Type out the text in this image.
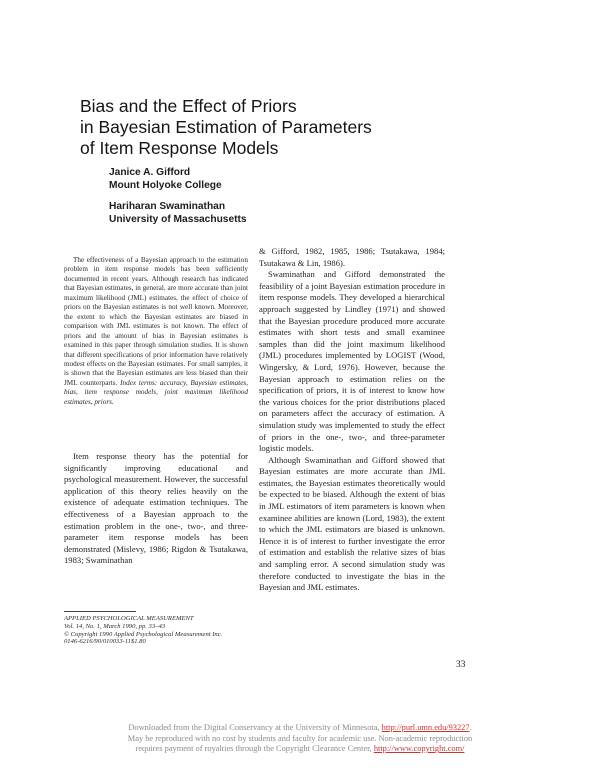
Bias and the Effect of Priors
in Bayesian Estimation of Parameters
of Item Response Models
Janice A. Gifford
Mount Holyoke College
Hariharan Swaminathan
University of Massachusetts
The effectiveness of a Bayesian approach to the estimation problem in item response models has been sufficiently documented in recent years. Although research has indicated that Bayesian estimates, in general, are more accurate than joint maximum likelihood (JML) estimates, the effect of choice of priors on the Bayesian estimates is not well known. Moreover, the extent to which the Bayesian estimates are biased in comparison with JML estimates is not known. The effect of priors and the amount of bias in Bayesian estimates is examined in this paper through simulation studies. It is shown that different specifications of prior information have relatively modest effects on the Bayesian estimates. For small samples, it is shown that the Bayesian estimates are less biased than their JML counterparts. Index terms: accuracy, Bayesian estimates, bias, item response models, joint maximum likelihood estimates, priors.
Item response theory has the potential for significantly improving educational and psychological measurement. However, the successful application of this theory relies heavily on the existence of adequate estimation techniques. The effectiveness of a Bayesian approach to the estimation problem in the one-, two-, and three-parameter item response models has been demonstrated (Mislevy, 1986; Rigdon & Tsutakawa, 1983; Swaminathan

& Gifford, 1982, 1985, 1986; Tsutakawa, 1984; Tsutakawa & Lin, 1986).

Swaminathan and Gifford demonstrated the feasibility of a joint Bayesian estimation procedure in item response models. They developed a hierarchical approach suggested by Lindley (1971) and showed that the Bayesian procedure produced more accurate estimates with short tests and small examinee samples than did the joint maximum likelihood (JML) procedures implemented by LOGIST (Wood, Wingersky, & Lord, 1976). However, because the Bayesian approach to estimation relies on the specification of priors, it is of interest to know how the various choices for the prior distributions placed on parameters affect the accuracy of estimation. A simulation study was implemented to study the effect of priors in the one-, two-, and three-parameter logistic models.

Although Swaminathan and Gifford showed that Bayesian estimates are more accurate than JML estimates, the Bayesian estimates theoretically would be expected to be biased. Although the extent of bias in JML estimators of item parameters is known when examinee abilities are known (Lord, 1983), the extent to which the JML estimators are biased is unknown. Hence it is of interest to further investigate the error of estimation and establish the relative sizes of bias and sampling error. A second simulation study was therefore conducted to investigate the bias in the Bayesian and JML estimates.

APPLIED PSYCHOLOGICAL MEASUREMENT
Vol. 14, No. 1, March 1990, pp. 33–43
© Copyright 1990 Applied Psychological Measurement Inc.
0146-6216/90/010033-11$1.80
33
Downloaded from the Digital Conservancy at the University of Minnesota, http://purl.umn.edu/93227.
May be reproduced with no cost by students and faculty for academic use. Non-academic reproduction
requires payment of royalties through the Copyright Clearance Center, http://www.copyright.com/
